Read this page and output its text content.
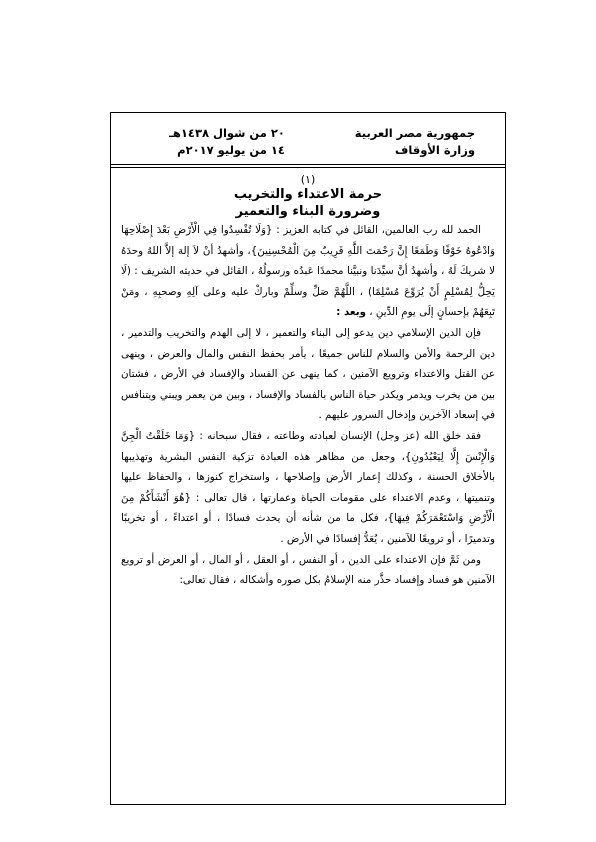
جمهورية مصر العربية
وزارة الأوقاف
٢٠ من شوال ١٤٣٨هـ
١٤ من يوليو ٢٠١٧م
(١)
حرمة الاعتداء والتخريب
وضرورة البناء والتعمير

الحمد لله رب العالمين، القائل في كتابه العزيز : {وَلَا تُفْسِدُوا فِي الْأَرْضِ بَعْدَ إِصْلَاحِهَا وَادْعُوهُ خَوْفًا وَطَمَعًا إِنَّ رَحْمَتَ اللَّهِ قَرِيبٌ مِنَ الْمُحْسِنِينَ}، وأشهدُ أنْ لاَ إلهَ إلاَّ اللهُ وحدَهُ لا شريكَ لَهُ ، وأشهدُ أنَّ سيِّدَنا ونبيَّنا محمدًا عَبدُه ورسولُهُ ، القائل في حديثه الشريف : (لَا يَحِلُّ لِمُسْلِمٍ أَنْ يُرَوِّعَ مُسْلِمًا) ، اللَّهُمَّ صَلِّ وسلِّمْ وباركْ عليه وعلى آلِهِ وصحبِهِ ، ومَنْ تَبِعَهُمْ بإحسانٍ إلَى يومِ الدِّينِ ، وبعد :

فإن الدين الإسلامي دين يدعو إلى البناء والتعمير ، لا إلى الهدم والتخريب والتدمير ، دين الرحمة والأمن والسلام للناس جميعًا ، يأمر بحفظ النفس والمال والعرض ، وينهى عن القتل والاعتداء وترويع الآمنين ، كما ينهى عن الفساد والإفساد في الأرض ، فشتان بين من يخرب ويدمر ويكدر حياة الناس بالفساد والإفساد ، وبين من يعمر ويبني ويتنافس في إسعاد الآخرين وإدخال السرور عليهم .

فقد خلق الله (عز وجل) الإنسان لعبادته وطاعته ، فقال سبحانه : {وَمَا خَلَقْتُ الْجِنَّ وَالْإِنْسَ إِلَّا لِيَعْبُدُونِ}، وجعل من مظاهر هذه العبادة تزكية النفس البشرية وتهذيبها بالأخلاق الحسنة ، وكذلك إعمار الأرض وإصلاحها ، واستخراج كنوزها ، والحفاظ عليها وتنميتها ، وعدم الاعتداء على مقومات الحياة وعمارتها ، قال تعالى : {هُوَ أَنْشَأَكُمْ مِنَ الْأَرْضِ وَاسْتَعْمَرَكُمْ فِيهَا}، فكل ما من شأنه أن يحدث فسادًا ، أو اعتداءً ، أو تخريبًا وتدميرًا ، أو ترويعًا للآمنين ، يُعَدُّ إفسادًا في الأرض .

ومن ثَمَّ فإن الاعتداء على الدين ، أو النفس ، أو العقل ، أو المال ، أو العرض أو ترويع الآمنين هو فساد وإفساد حذَّر منه الإسلامُ بكل صوره وأشكاله ، فقال تعالى:
